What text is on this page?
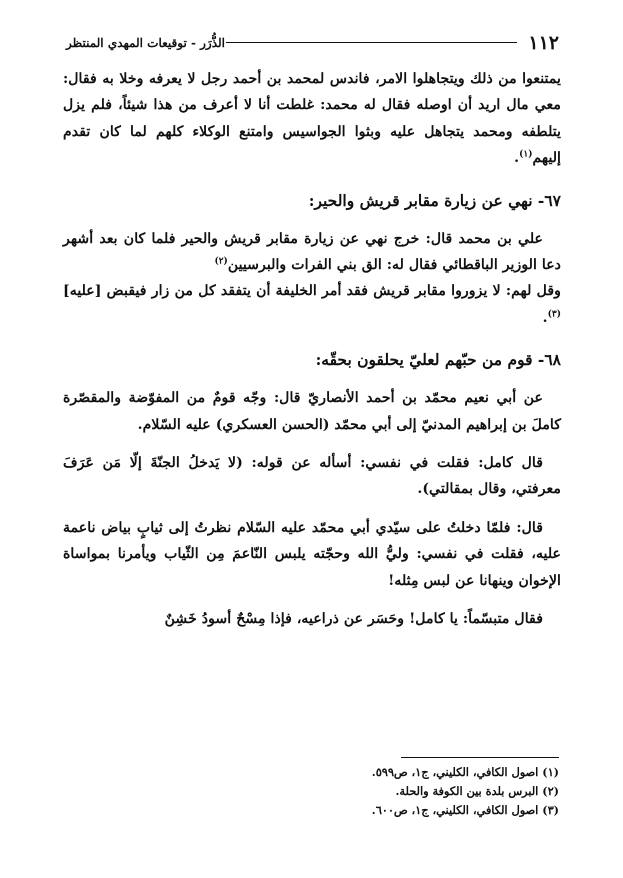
١١٢
الذُّرَر - توقيعات المهدي المنتظر

يمتنعوا من ذلك ويتجاهلوا الامر، فاندس لمحمد بن أحمد رجل لا يعرفه وخلا به فقال: معي مال اريد أن اوصله فقال له محمد: غلطت أنا لا أعرف من هذا شيئاً، فلم يزل يتلطفه ومحمد يتجاهل عليه وبثوا الجواسيس وامتنع الوكلاء كلهم لما كان تقدم إليهم$^{(١)}$.

٦٧- نهي عن زيارة مقابر قريش والحير:

علي بن محمد قال: خرج نهي عن زيارة مقابر قريش والحير فلما كان بعد أشهر دعا الوزير الباقطائي فقال له: الق بني الفرات والبرسيين$^{(٢)}$

وقل لهم: لا يزوروا مقابر قريش فقد أمر الخليفة أن يتفقد كل من زار فيقبض [عليه]$^{(٣)}$.

٦٨- قوم من حبّهم لعليّ يحلقون بحقّه:

عن أبي نعيم محمّد بن أحمد الأنصاريّ قال: وجّه قومٌ من المفوّضة والمقصّرة كاملَ بن إبراهيم المدنيّ إلى أبي محمّد (الحسن العسكري) عليه السّلام.

قال كامل: فقلت في نفسي: أسأله عن قوله: (لا يَدخلُ الجنّةَ إلّا مَن عَرَفَ معرفتي، وقال بمقالتي).

قال: فلمّا دخلتُ على سيّدي أبي محمّد عليه السّلام نظرتُ إلى ثيابٍ بياض ناعمة عليه، فقلت في نفسي: وليُّ الله وحجّته يلبس النّاعمَ مِن الثّياب ويأمرنا بمواساة الإخوان وينهانا عن لبس مِثله!

فقال متبسّماً: يا كامل! وحَسَر عن ذراعيه، فإذا مِسْحٌ أسودُ خَشِنٌ

(١) اصول الكافي، الكليني، ج١، ص٥٩٩.

(٢) البرس بلدة بين الكوفة والحلة.

(٣) اصول الكافي، الكليني، ج١، ص٦٠٠.
